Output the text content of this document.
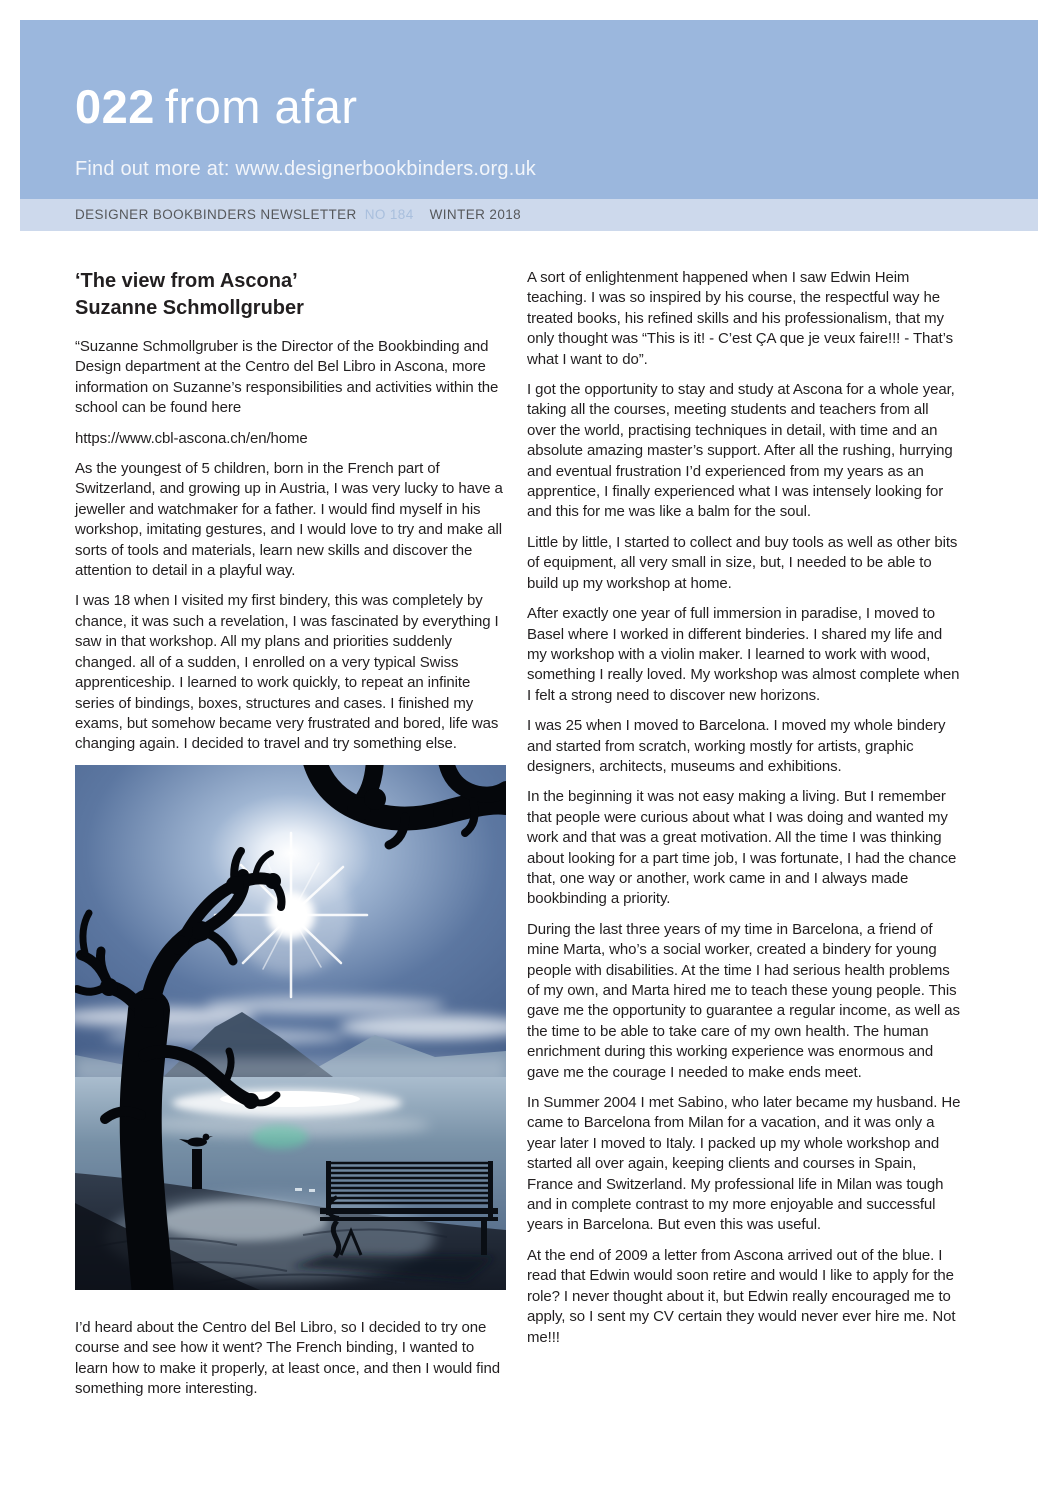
022 from afar

Find out more at: www.designerbookbinders.org.uk

DESIGNER BOOKBINDERS NEWSLETTER NO 184 WINTER 2018
‘The view from Ascona’
Suzanne Schmollgruber

“Suzanne Schmollgruber is the Director of the Bookbinding and Design department at the Centro del Bel Libro in Ascona, more information on Suzanne’s responsibilities and activities within the school can be found here

https://www.cbl-ascona.ch/en/home

As the youngest of 5 children, born in the French part of Switzerland, and growing up in Austria, I was very lucky to have a jeweller and watchmaker for a father. I would find myself in his workshop, imitating gestures, and I would love to try and make all sorts of tools and materials, learn new skills and discover the attention to detail in a playful way.

I was 18 when I visited my first bindery, this was completely by chance, it was such a revelation, I was fascinated by everything I saw in that workshop. All my plans and priorities suddenly changed. all of a sudden, I enrolled on a very typical Swiss apprenticeship. I learned to work quickly, to repeat an infinite series of bindings, boxes, structures and cases. I finished my exams, but somehow became very frustrated and bored, life was changing again. I decided to travel and try something else.

I’d heard about the Centro del Bel Libro, so I decided to try one course and see how it went? The French binding, I wanted to learn how to make it properly, at least once, and then I would find something more interesting.

A sort of enlightenment happened when I saw Edwin Heim teaching. I was so inspired by his course, the respectful way he treated books, his refined skills and his professionalism, that my only thought was “This is it! - C’est ÇA que je veux faire!!! - That’s what I want to do”.

I got the opportunity to stay and study at Ascona for a whole year, taking all the courses, meeting students and teachers from all over the world, practising techniques in detail, with time and an absolute amazing master’s support. After all the rushing, hurrying and eventual frustration I’d experienced from my years as an apprentice, I finally experienced what I was intensely looking for and this for me was like a balm for the soul.

Little by little, I started to collect and buy tools as well as other bits of equipment, all very small in size, but, I needed to be able to build up my workshop at home.

After exactly one year of full immersion in paradise, I moved to Basel where I worked in different binderies. I shared my life and my workshop with a violin maker. I learned to work with wood, something I really loved. My workshop was almost complete when I felt a strong need to discover new horizons.

I was 25 when I moved to Barcelona. I moved my whole bindery and started from scratch, working mostly for artists, graphic designers, architects, museums and exhibitions.

In the beginning it was not easy making a living. But I remember that people were curious about what I was doing and wanted my work and that was a great motivation. All the time I was thinking about looking for a part time job, I was fortunate, I had the chance that, one way or another, work came in and I always made bookbinding a priority.

During the last three years of my time in Barcelona, a friend of mine Marta, who’s a social worker, created a bindery for young people with disabilities. At the time I had serious health problems of my own, and Marta hired me to teach these young people. This gave me the opportunity to guarantee a regular income, as well as the time to be able to take care of my own health. The human enrichment during this working experience was enormous and gave me the courage I needed to make ends meet.

In Summer 2004 I met Sabino, who later became my husband. He came to Barcelona from Milan for a vacation, and it was only a year later I moved to Italy. I packed up my whole workshop and started all over again, keeping clients and courses in Spain, France and Switzerland. My professional life in Milan was tough and in complete contrast to my more enjoyable and successful years in Barcelona. But even this was useful.

At the end of 2009 a letter from Ascona arrived out of the blue. I read that Edwin would soon retire and would I like to apply for the role? I never thought about it, but Edwin really encouraged me to apply, so I sent my CV certain they would never ever hire me. Not me!!!
